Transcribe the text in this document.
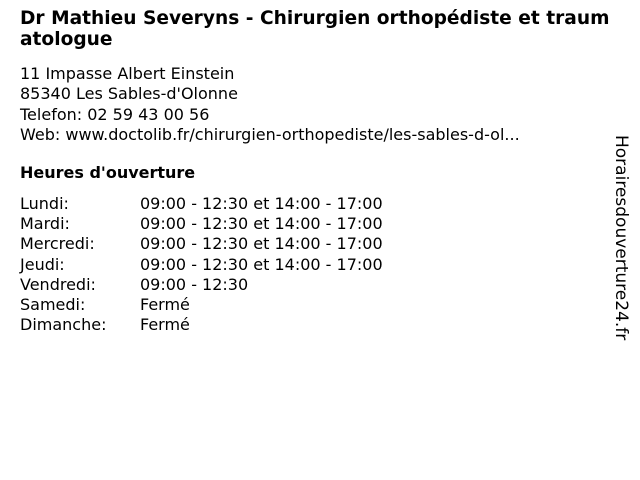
Dr Mathieu Severyns - Chirurgien orthopédiste et traumatologue
11 Impasse Albert Einstein
85340 Les Sables-d'Olonne
Telefon: 02 59 43 00 56
Web: www.doctolib.fr/chirurgien-orthopediste/les-sables-d-ol...
Heures d'ouverture
Lundi:	09:00 - 12:30 et 14:00 - 17:00
Mardi:	09:00 - 12:30 et 14:00 - 17:00
Mercredi:	09:00 - 12:30 et 14:00 - 17:00
Jeudi:	09:00 - 12:30 et 14:00 - 17:00
Vendredi:	09:00 - 12:30
Samedi:	Fermé
Dimanche:	Fermé	Horairesdouverture24.fr
